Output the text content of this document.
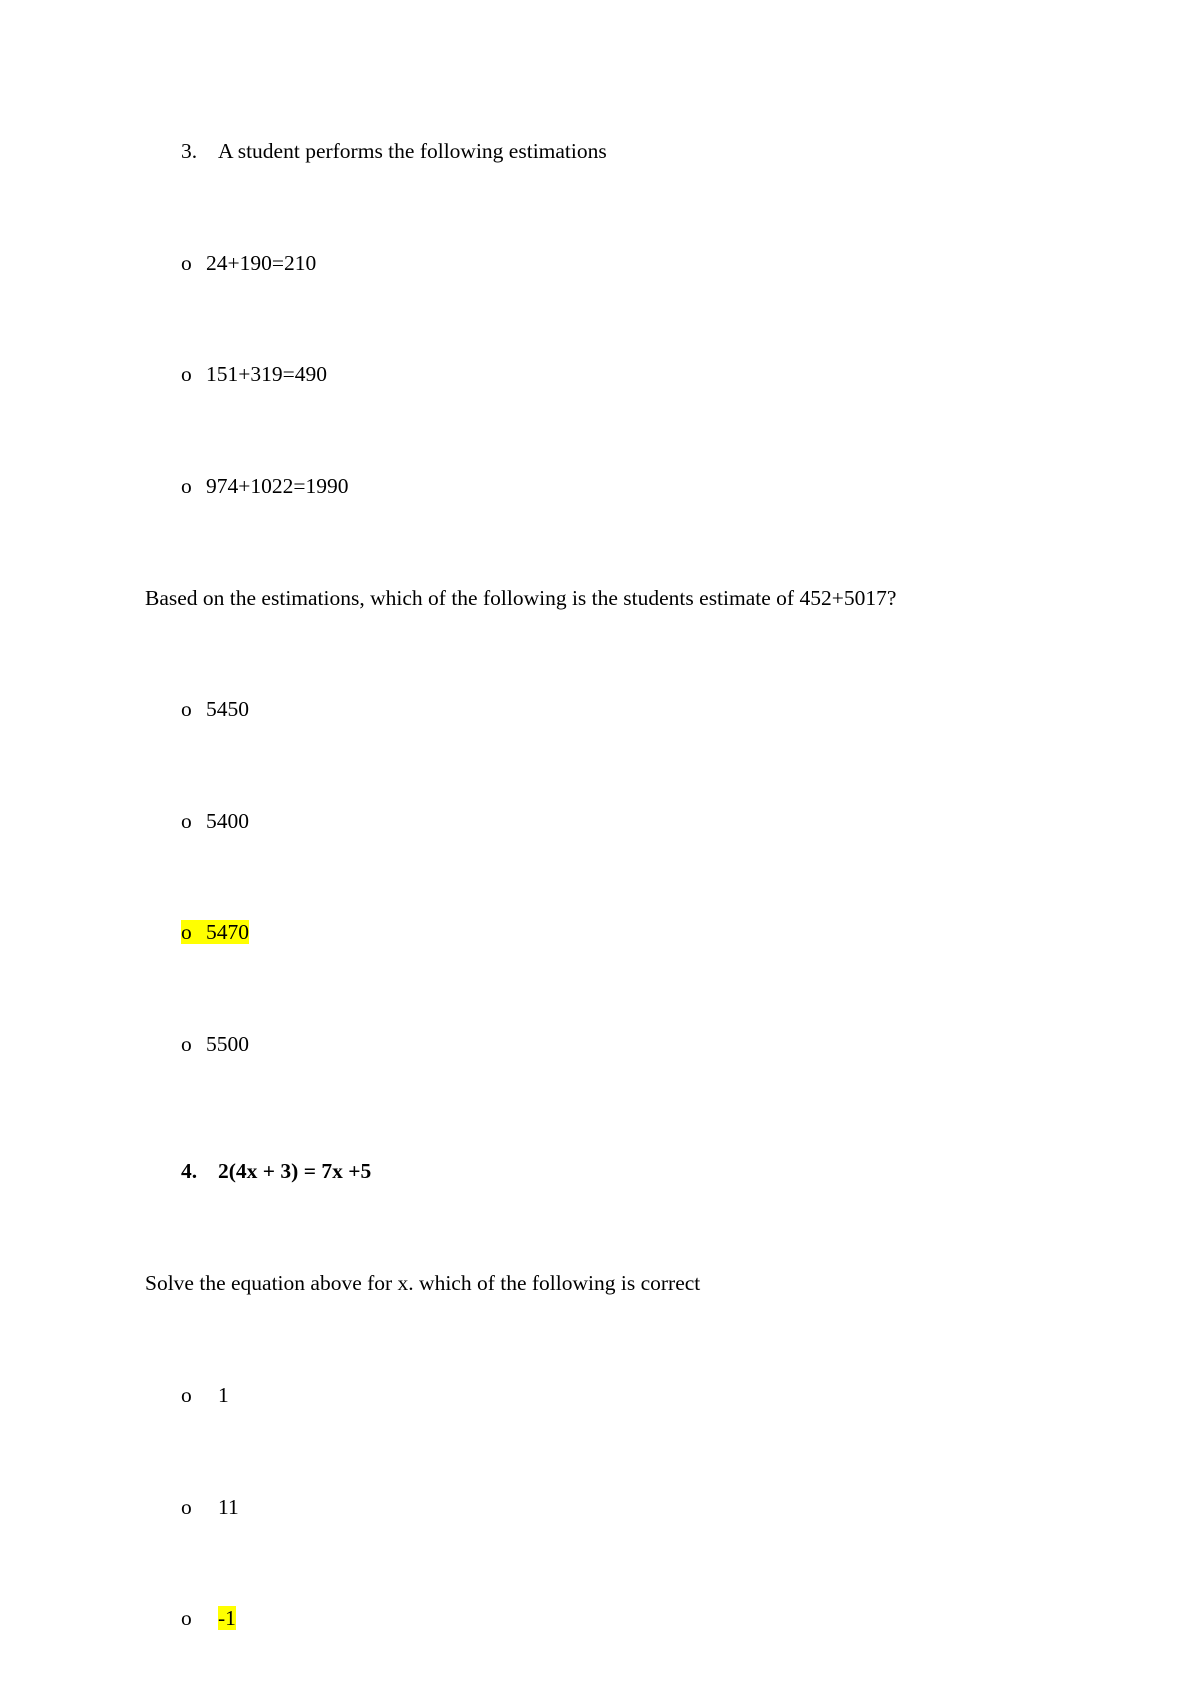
3. A student performs the following estimations
o 24+190=210
o 151+319=490
o 974+1022=1990
Based on the estimations, which of the following is the students estimate of 452+5017?
o 5450
o 5400
o 5470
o 5500
4. 2(4x + 3) = 7x +5
Solve the equation above for x. which of the following is correct
o 1
o 11
o -1
